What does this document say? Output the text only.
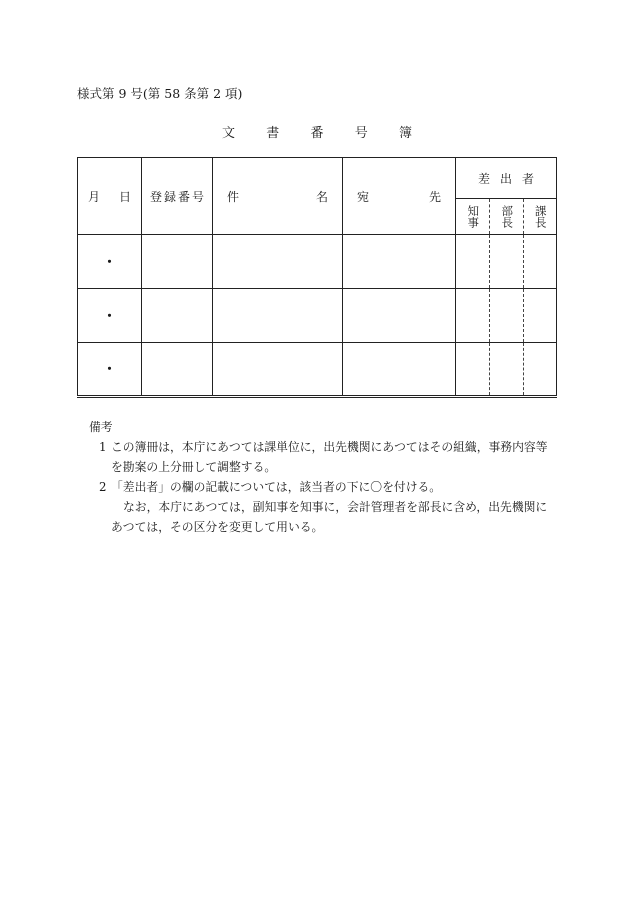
様式第 9 号(第 58 条第 2 項)
文 書 番 号 簿
月 日	登 録 番 号	件 名	宛 先	差 出 者		

				知事	部長	課長

・						
・						
・						
備考
1 この簿冊は，本庁にあつては課単位に，出先機関にあつてはその組織，事務内容等を勘案の上分冊して調整する。
2 「差出者」の欄の記載については，該当者の下に〇を付ける。
なお，本庁にあつては，副知事を知事に，会計管理者を部長に含め，出先機関にあつては，その区分を変更して用いる。
